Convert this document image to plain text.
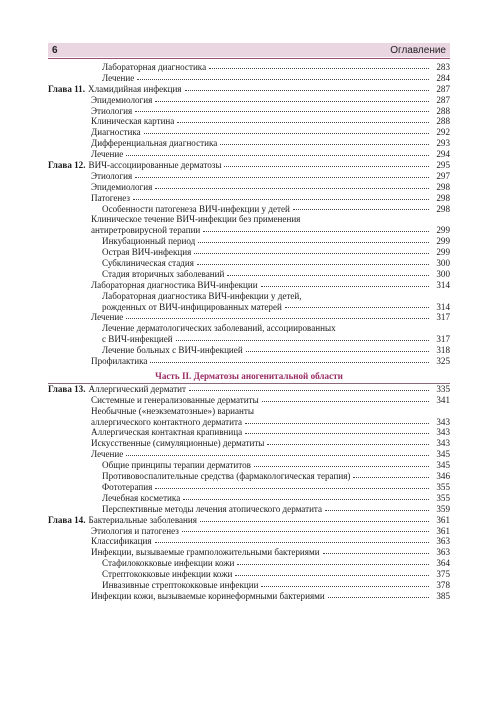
6	Оглавление
Лабораторная диагностика	283
Лечение	284
Глава 11. Хламидийная инфекция	287
Эпидемиология	287
Этиология	288
Клиническая картина	288
Диагностика	292
Дифференциальная диагностика	293
Лечение	294
Глава 12. ВИЧ-ассоциированные дерматозы	295
Этиология	297
Эпидемиология	298
Патогенез	298
Особенности патогенеза ВИЧ-инфекции у детей	298
Клиническое течение ВИЧ-инфекции без применения
антиретровирусной терапии	299
Инкубационный период	299
Острая ВИЧ-инфекция	299
Субклиническая стадия	300
Стадия вторичных заболеваний	300
Лабораторная диагностика ВИЧ-инфекции	314
Лабораторная диагностика ВИЧ-инфекции у детей,
рожденных от ВИЧ-инфицированных матерей	314
Лечение	317
Лечение дерматологических заболеваний, ассоциированных
с ВИЧ-инфекцией	317
Лечение больных с ВИЧ-инфекцией	318
Профилактика	325
Часть II. Дерматозы аногенитальной области
Глава 13. Аллергический дерматит	335
Системные и генерализованные дерматиты	341
Необычные («неэкзематозные») варианты
аллергического контактного дерматита	343
Аллергическая контактная крапивница	343
Искусственные (симуляционные) дерматиты	343
Лечение	345
Общие принципы терапии дерматитов	345
Противовоспалительные средства (фармакологическая терапия)	346
Фототерапия	355
Лечебная косметика	355
Перспективные методы лечения атопического дерматита	359
Глава 14. Бактериальные заболевания	361
Этиология и патогенез	361
Классификация	363
Инфекции, вызываемые грамположительными бактериями	363
Стафилококковые инфекции кожи	364
Стрептококковые инфекции кожи	375
Инвазивные стрептококковые инфекции	378
Инфекции кожи, вызываемые коринеформными бактериями	385
